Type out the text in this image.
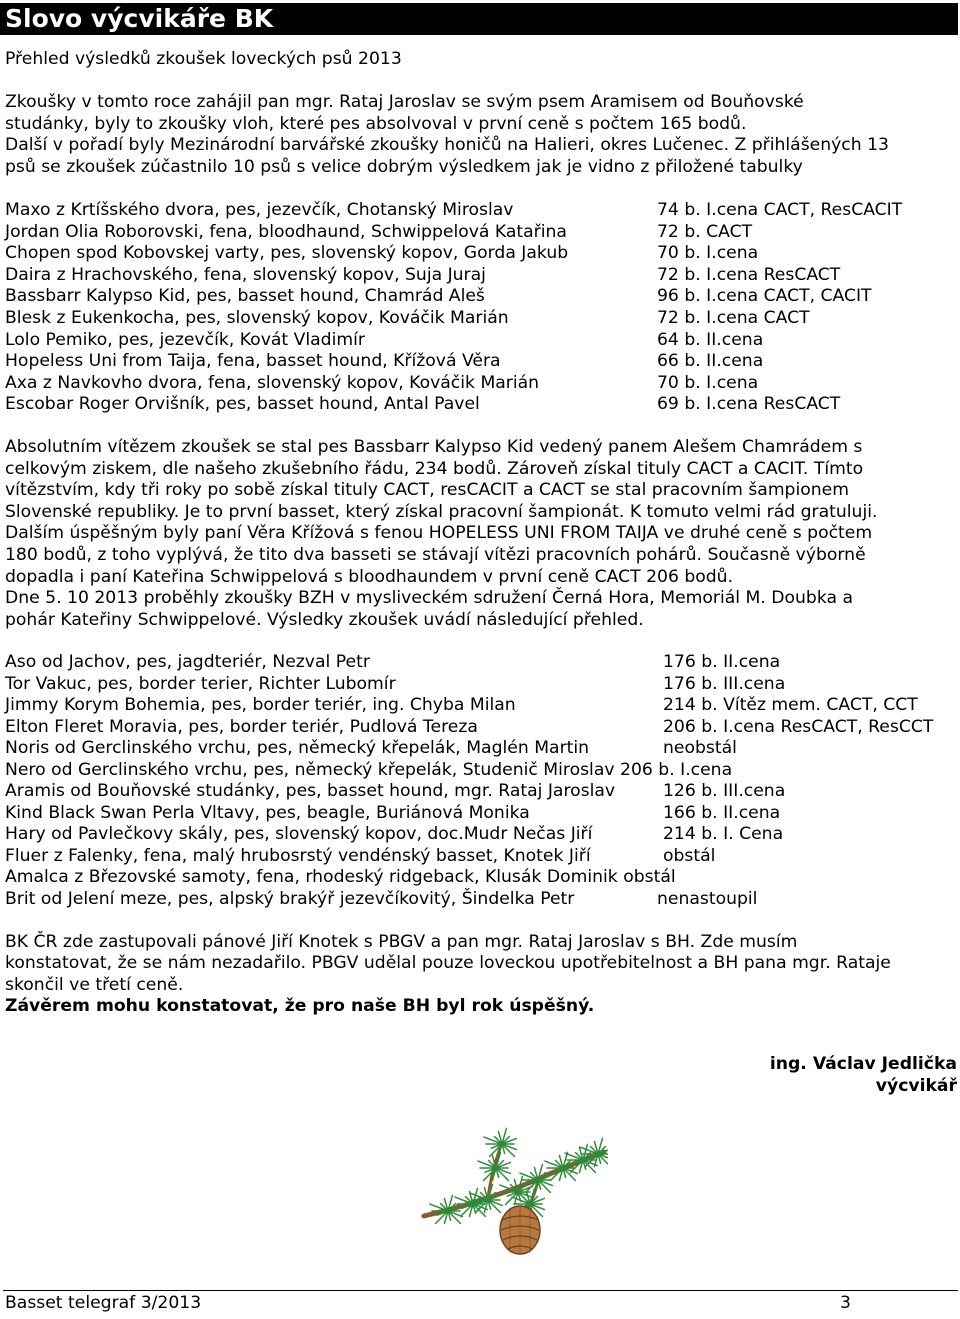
Slovo výcvikáře BK
Přehled výsledků zkoušek loveckých psů 2013
Zkoušky v tomto roce zahájil pan mgr. Rataj Jaroslav se svým psem Aramisem od Bouňovské
studánky, byly to zkoušky vloh, které pes absolvoval v první ceně s počtem 165 bodů.
Další v pořadí byly Mezinárodní barvářské zkoušky honičů na Halieri, okres Lučenec. Z přihlášených 13
psů se zkoušek zúčastnilo 10 psů s velice dobrým výsledkem jak je vidno z přiložené tabulky
Maxo z Krtíšského dvora, pes, jezevčík, Chotanský Miroslav	74 b. I.cena CACT, ResCACIT
Jordan Olia Roborovski, fena, bloodhaund, Schwippelová Katařina	72 b. CACT
Chopen spod Kobovskej varty, pes, slovenský kopov, Gorda Jakub	70 b. I.cena
Daira z Hrachovského, fena, slovenský kopov, Suja Juraj	72 b. I.cena ResCACT
Bassbarr Kalypso Kid, pes, basset hound, Chamrád Aleš	96 b. I.cena CACT, CACIT
Blesk z Eukenkocha, pes, slovenský kopov, Kováčik Marián	72 b. I.cena CACT
Lolo Pemiko, pes, jezevčík, Kovát Vladimír	64 b. II.cena
Hopeless Uni from Taija, fena, basset hound, Křížová Věra	66 b. II.cena
Axa z Navkovho dvora, fena, slovenský kopov, Kováčik Marián	70 b. I.cena
Escobar Roger Orvišník, pes, basset hound, Antal Pavel	69 b. I.cena ResCACT
Absolutním vítězem zkoušek se stal pes Bassbarr Kalypso Kid vedený panem Alešem Chamrádem s
celkovým ziskem, dle našeho zkušebního řádu, 234 bodů. Zároveň získal tituly CACT a CACIT. Tímto
vítězstvím, kdy tři roky po sobě získal tituly CACT, resCACIT a CACT se stal pracovním šampionem
Slovenské republiky. Je to první basset, který získal pracovní šampionát. K tomuto velmi rád gratuluji.
Dalším úspěšným byly paní Věra Křížová s fenou HOPELESS UNI FROM TAIJA ve druhé ceně s počtem
180 bodů, z toho vyplývá, že tito dva basseti se stávají vítězi pracovních pohárů. Současně výborně
dopadla i paní Kateřina Schwippelová s bloodhaundem v první ceně CACT 206 bodů.
Dne 5. 10 2013 proběhly zkoušky BZH v mysliveckém sdružení Černá Hora, Memoriál M. Doubka a
pohár Kateřiny Schwippelové. Výsledky zkoušek uvádí následující přehled.
Aso od Jachov, pes, jagdteriér, Nezval Petr	176 b. II.cena
Tor Vakuc, pes, border terier, Richter Lubomír	176 b. III.cena
Jimmy Korym Bohemia, pes, border teriér, ing. Chyba Milan	214 b. Vítěz mem. CACT, CCT
Elton Fleret Moravia, pes, border teriér, Pudlová Tereza	206 b. I.cena ResCACT, ResCCT
Noris od Gerclinského vrchu, pes, německý křepelák, Maglén Martin	neobstál
Nero od Gerclinského vrchu, pes, německý křepelák, Studenič Miroslav 206 b. I.cena
Aramis od Bouňovské studánky, pes, basset hound, mgr. Rataj Jaroslav	126 b. III.cena
Kind Black Swan Perla Vltavy, pes, beagle, Buriánová Monika	166 b. II.cena
Hary od Pavlečkovy skály, pes, slovenský kopov, doc.Mudr Nečas Jiří	214 b. I. Cena
Fluer z Falenky, fena, malý hrubosrstý vendénský basset, Knotek Jiří	obstál
Amalca z Březovské samoty, fena, rhodeský ridgeback, Klusák Dominik obstál
Brit od Jelení meze, pes, alpský brakýř jezevčíkovitý, Šindelka Petr	nenastoupil
BK ČR zde zastupovali pánové Jiří Knotek s PBGV a pan mgr. Rataj Jaroslav s BH. Zde musím
konstatovat, že se nám nezadařilo. PBGV udělal pouze loveckou upotřebitelnost a BH pana mgr. Rataje
skončil ve třetí ceně.
Závěrem mohu konstatovat, že pro naše BH byl rok úspěšný.
ing. Václav Jedlička
výcvikář
Basset telegraf 3/2013	3
